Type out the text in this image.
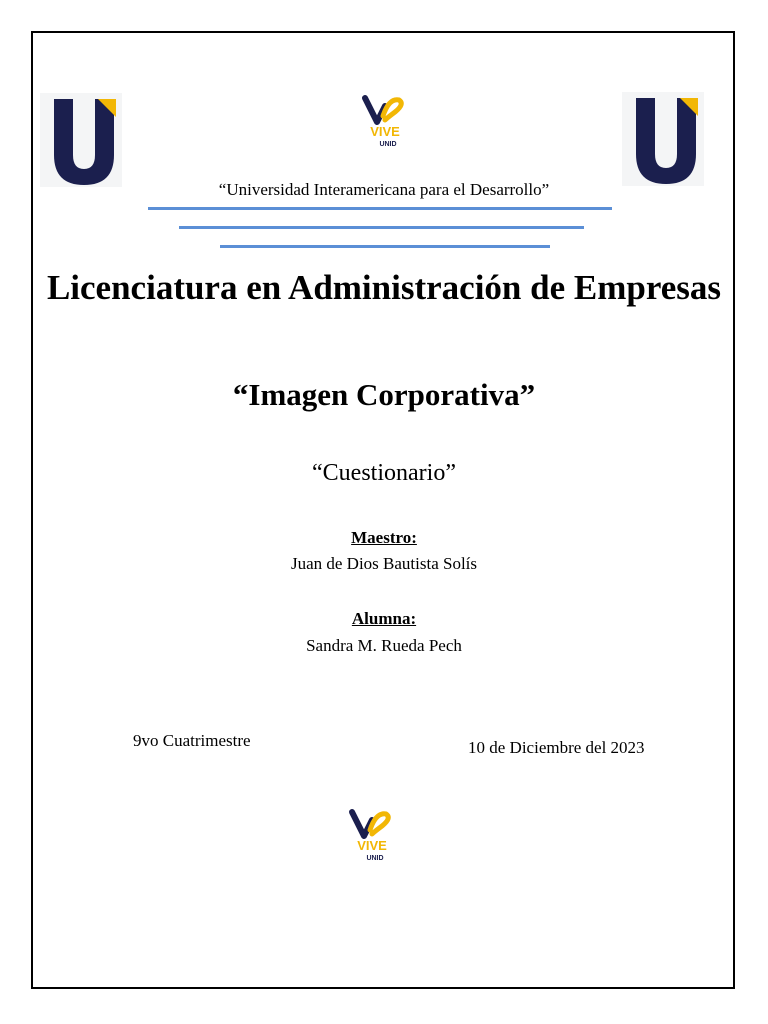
VIVE
UNID
“Universidad Interamericana para el Desarrollo”
Licenciatura en Administración de Empresas
“Imagen Corporativa”
“Cuestionario”
Maestro:
Juan de Dios Bautista Solís
Alumna:
Sandra M. Rueda Pech
9vo Cuatrimestre	10 de Diciembre del 2023
VIVE
UNID
